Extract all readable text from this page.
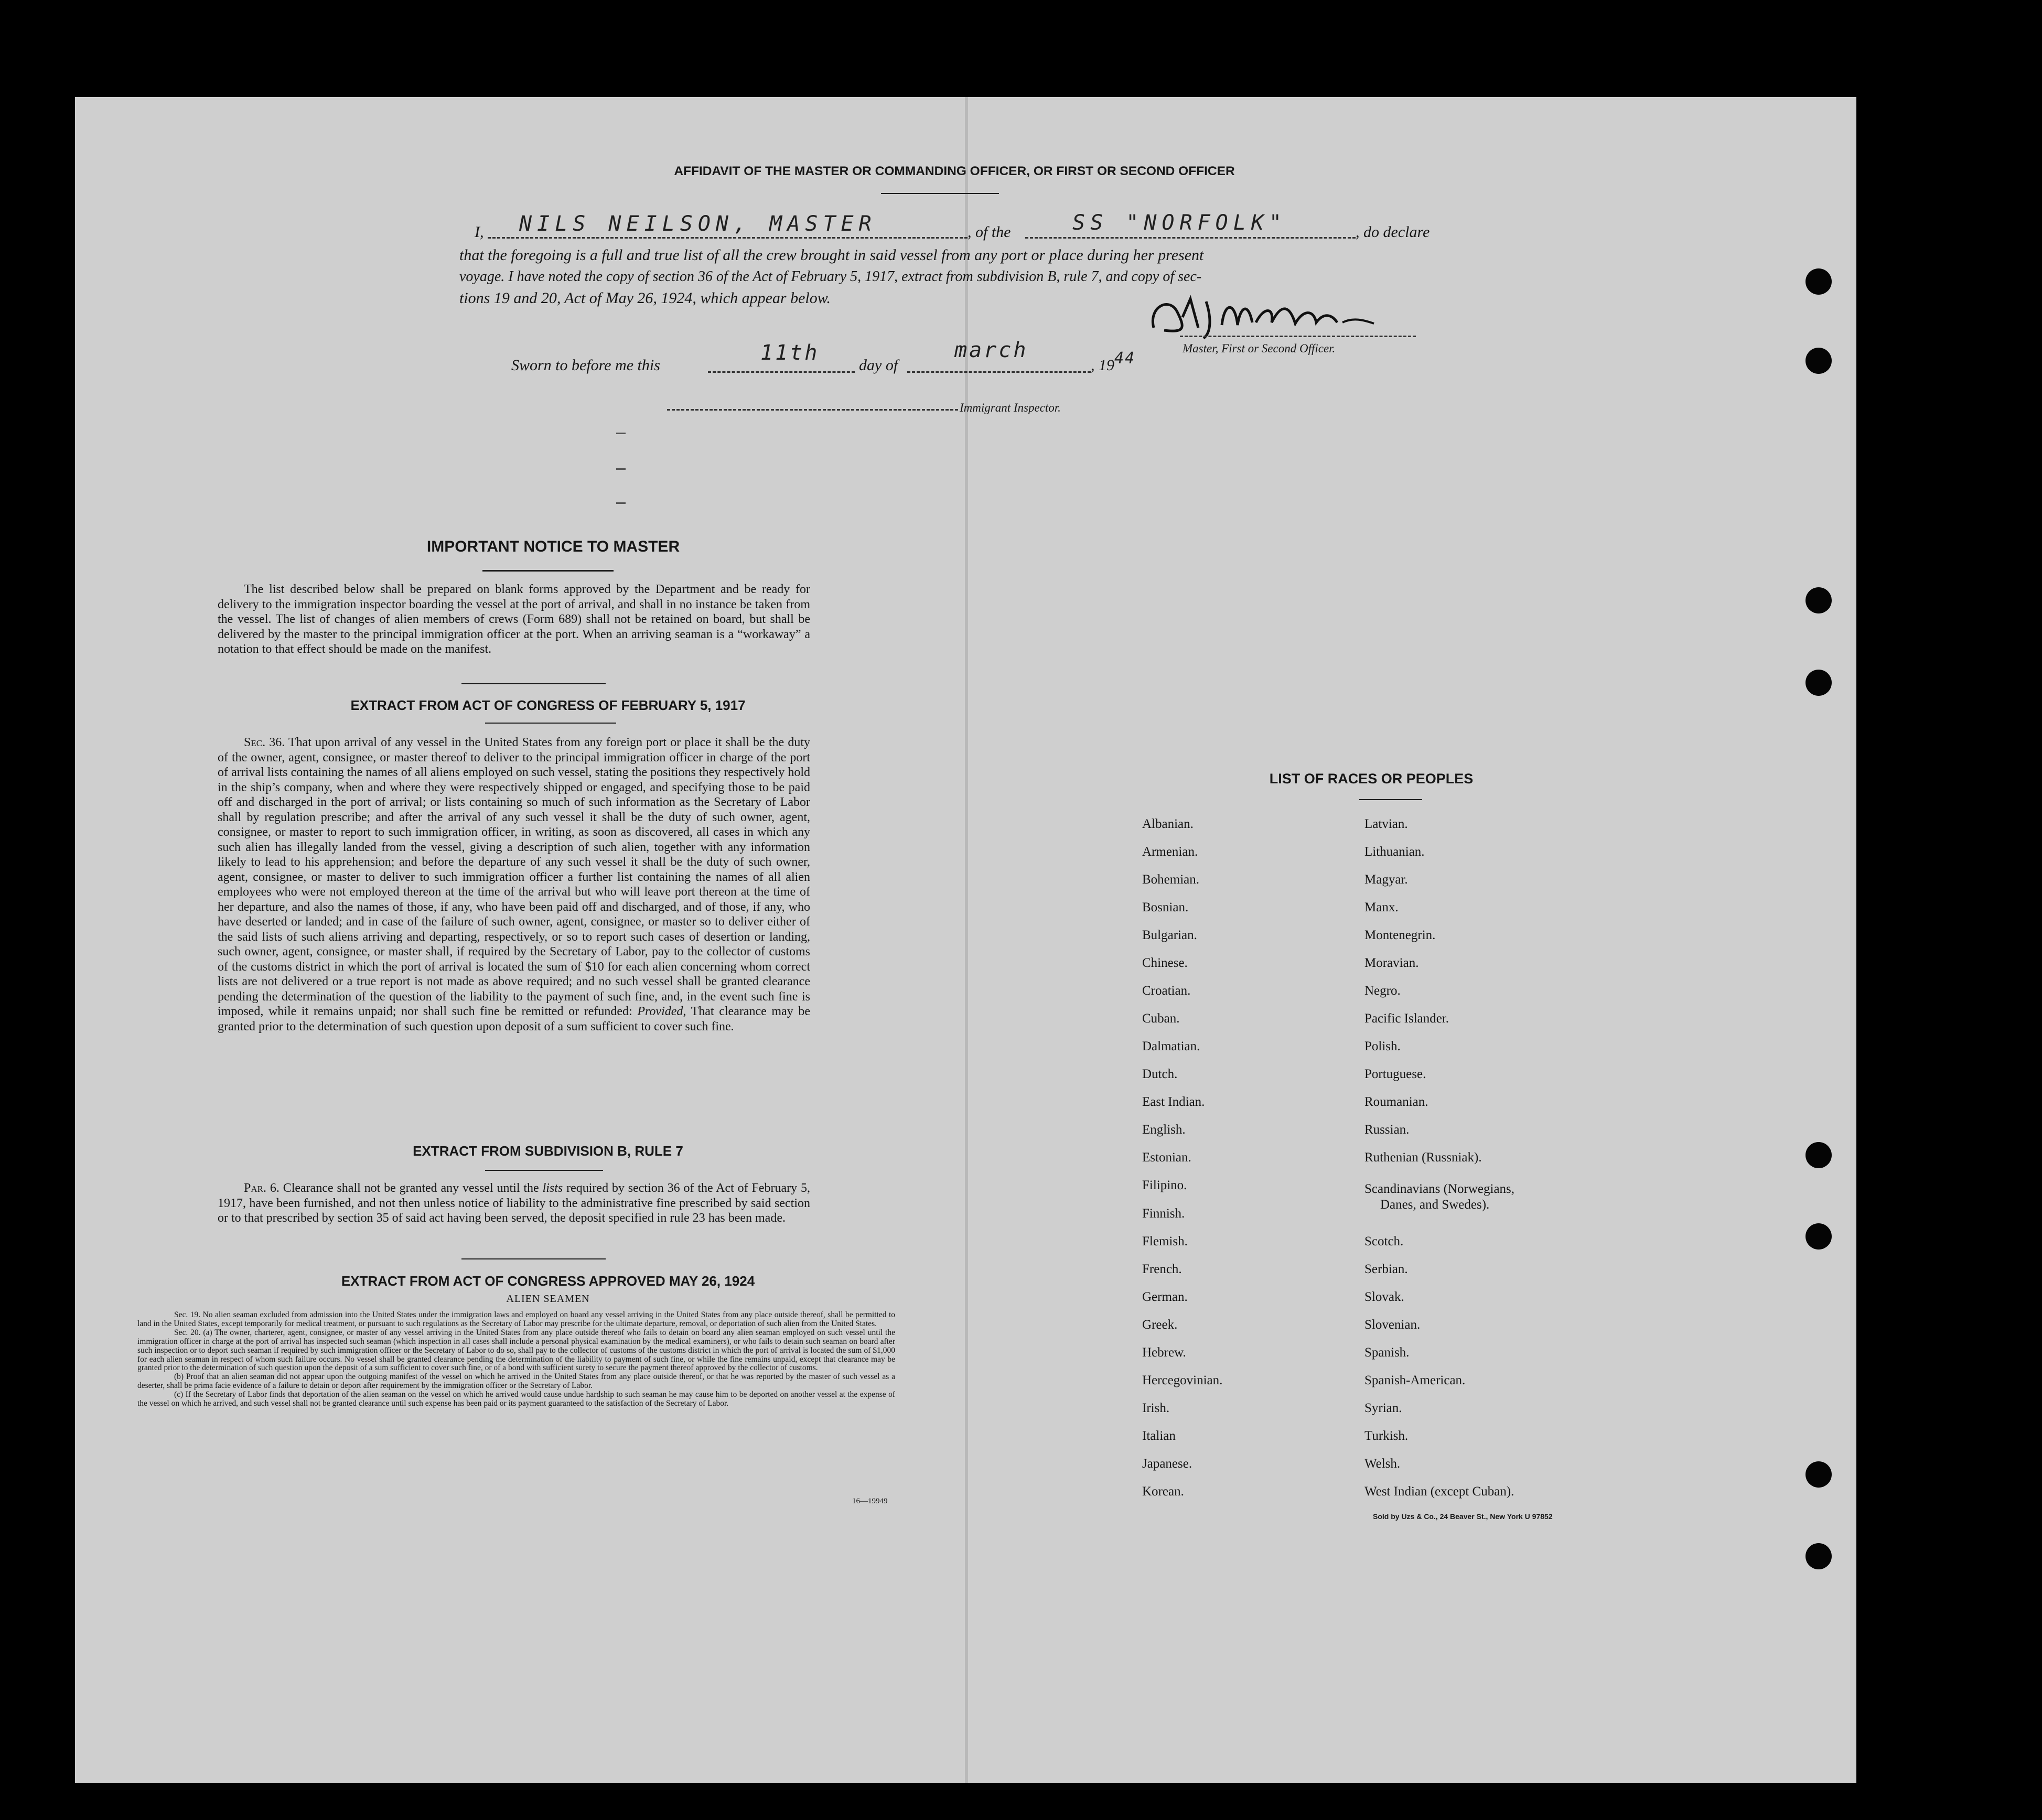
AFFIDAVIT OF THE MASTER OR COMMANDING OFFICER, OR FIRST OR SECOND OFFICER
I, NILS NEILSON, MASTER	, of the	SS "NORFOLK"	, do declare
that the foregoing is a full and true list of all the crew brought in said vessel from any port or place during her present
voyage. I have noted the copy of section 36 of the Act of February 5, 1917, extract from subdivision B, rule 7, and copy of sec-
tions 19 and 20, Act of May 26, 1924, which appear below.
Master, First or Second Officer.
Sworn to before me this
11th
day of
march
, 19 44
Immigrant Inspector.
IMPORTANT NOTICE TO MASTER
The list described below shall be prepared on blank forms approved by the Department and be ready for delivery to the immigration inspector boarding the vessel at the port of arrival, and shall in no instance be taken from the vessel. The list of changes of alien members of crews (Form 689) shall not be retained on board, but shall be delivered by the master to the principal immigration officer at the port. When an arriving seaman is a “workaway” a notation to that effect should be made on the manifest.
EXTRACT FROM ACT OF CONGRESS OF FEBRUARY 5, 1917
Sec. 36. That upon arrival of any vessel in the United States from any foreign port or place it shall be the duty of the owner, agent, consignee, or master thereof to deliver to the principal immigration officer in charge of the port of arrival lists containing the names of all aliens employed on such vessel, stating the positions they respectively hold in the ship’s company, when and where they were respectively shipped or engaged, and specifying those to be paid off and discharged in the port of arrival; or lists containing so much of such information as the Secretary of Labor shall by regulation prescribe; and after the arrival of any such vessel it shall be the duty of such owner, agent, consignee, or master to report to such immigration officer, in writing, as soon as discovered, all cases in which any such alien has illegally landed from the vessel, giving a description of such alien, together with any information likely to lead to his apprehension; and before the departure of any such vessel it shall be the duty of such owner, agent, consignee, or master to deliver to such immigration officer a further list containing the names of all alien employees who were not employed thereon at the time of the arrival but who will leave port thereon at the time of her departure, and also the names of those, if any, who have been paid off and discharged, and of those, if any, who have deserted or landed; and in case of the failure of such owner, agent, consignee, or master so to deliver either of the said lists of such aliens arriving and departing, respectively, or so to report such cases of desertion or landing, such owner, agent, consignee, or master shall, if required by the Secretary of Labor, pay to the collector of customs of the customs district in which the port of arrival is located the sum of $10 for each alien concerning whom correct lists are not delivered or a true report is not made as above required; and no such vessel shall be granted clearance pending the determination of the question of the liability to the payment of such fine, and, in the event such fine is imposed, while it remains unpaid; nor shall such fine be remitted or refunded: Provided, That clearance may be granted prior to the determination of such question upon deposit of a sum sufficient to cover such fine.
EXTRACT FROM SUBDIVISION B, RULE 7
Par. 6. Clearance shall not be granted any vessel until the lists required by section 36 of the Act of February 5, 1917, have been furnished, and not then unless notice of liability to the administrative fine prescribed by said section or to that prescribed by section 35 of said act having been served, the deposit specified in rule 23 has been made.
EXTRACT FROM ACT OF CONGRESS APPROVED MAY 26, 1924
ALIEN SEAMEN
Sec. 19. No alien seaman excluded from admission into the United States under the immigration laws and employed on board any vessel arriving in the United States from any place outside thereof, shall be permitted to land in the United States, except temporarily for medical treatment, or pursuant to such regulations as the Secretary of Labor may prescribe for the ultimate departure, removal, or deportation of such alien from the United States.
Sec. 20. (a) The owner, charterer, agent, consignee, or master of any vessel arriving in the United States from any place outside thereof who fails to detain on board any alien seaman employed on such vessel until the immigration officer in charge at the port of arrival has inspected such seaman (which inspection in all cases shall include a personal physical examination by the medical examiners), or who fails to detain such seaman on board after such inspection or to deport such seaman if required by such immigration officer or the Secretary of Labor to do so, shall pay to the collector of customs of the customs district in which the port of arrival is located the sum of $1,000 for each alien seaman in respect of whom such failure occurs. No vessel shall be granted clearance pending the determination of the liability to payment of such fine, or while the fine remains unpaid, except that clearance may be granted prior to the determination of such question upon the deposit of a sum sufficient to cover such fine, or of a bond with sufficient surety to secure the payment thereof approved by the collector of customs.
(b) Proof that an alien seaman did not appear upon the outgoing manifest of the vessel on which he arrived in the United States from any place outside thereof, or that he was reported by the master of such vessel as a deserter, shall be prima facie evidence of a failure to detain or deport after requirement by the immigration officer or the Secretary of Labor.
(c) If the Secretary of Labor finds that deportation of the alien seaman on the vessel on which he arrived would cause undue hardship to such seaman he may cause him to be deported on another vessel at the expense of the vessel on which he arrived, and such vessel shall not be granted clearance until such expense has been paid or its payment guaranteed to the satisfaction of the Secretary of Labor.
16—19949
LIST OF RACES OR PEOPLES
Albanian.
Armenian.
Bohemian.
Bosnian.
Bulgarian.
Chinese.
Croatian.
Cuban.
Dalmatian.
Dutch.
East Indian.
English.
Estonian.
Filipino.
Finnish.
Flemish.
French.
German.
Greek.
Hebrew.
Hercegovinian.
Irish.
Italian
Japanese.
Korean.
Latvian.
Lithuanian.
Magyar.
Manx.
Montenegrin.
Moravian.
Negro.
Pacific Islander.
Polish.
Portuguese.
Roumanian.
Russian.
Ruthenian (Russniak).
Scandinavians (Norwegians,
Danes, and Swedes).
Scotch.
Serbian.
Slovak.
Slovenian.
Spanish.
Spanish-American.
Syrian.
Turkish.
Welsh.
West Indian (except Cuban).
Sold by Uzs & Co., 24 Beaver St., New York U 97852
